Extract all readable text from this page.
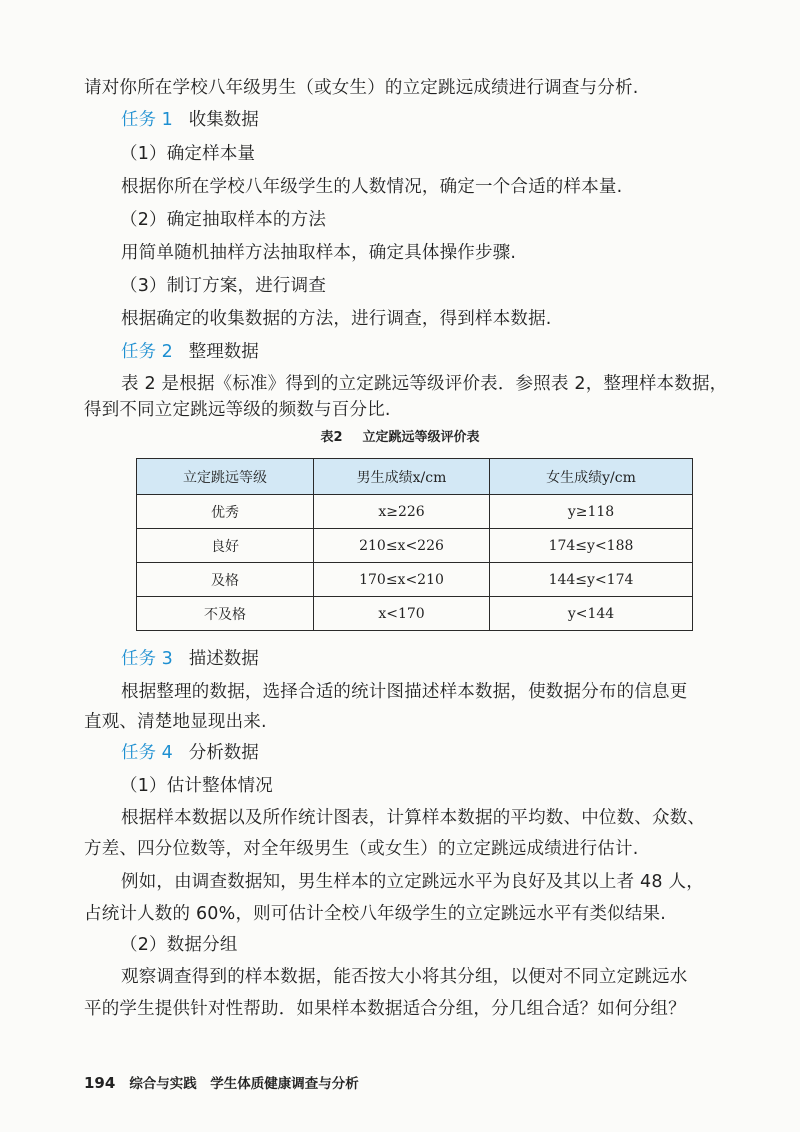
请对你所在学校八年级男生（或女生）的立定跳远成绩进行调查与分析.
任务 1 收集数据
（1）确定样本量
根据你所在学校八年级学生的人数情况，确定一个合适的样本量.
（2）确定抽取样本的方法
用简单随机抽样方法抽取样本，确定具体操作步骤.
（3）制订方案，进行调查
根据确定的收集数据的方法，进行调查，得到样本数据.
任务 2 整理数据
表 2 是根据《标准》得到的立定跳远等级评价表．参照表 2，整理样本数据，
得到不同立定跳远等级的频数与百分比.
表2 立定跳远等级评价表
立定跳远等级	男生成绩x/cm	女生成绩y/cm
优秀	x≥226	y≥118
良好	210≤x<226	174≤y<188
及格	170≤x<210	144≤y<174
不及格	x<170	y<144
任务 3 描述数据
根据整理的数据，选择合适的统计图描述样本数据，使数据分布的信息更
直观、清楚地显现出来.
任务 4 分析数据
（1）估计整体情况
根据样本数据以及所作统计图表，计算样本数据的平均数、中位数、众数、
方差、四分位数等，对全年级男生（或女生）的立定跳远成绩进行估计.
例如，由调查数据知，男生样本的立定跳远水平为良好及其以上者 48 人，
占统计人数的 60%，则可估计全校八年级学生的立定跳远水平有类似结果.
（2）数据分组
观察调查得到的样本数据，能否按大小将其分组，以便对不同立定跳远水
平的学生提供针对性帮助．如果样本数据适合分组，分几组合适？如何分组？
194 综合与实践　学生体质健康调查与分析
